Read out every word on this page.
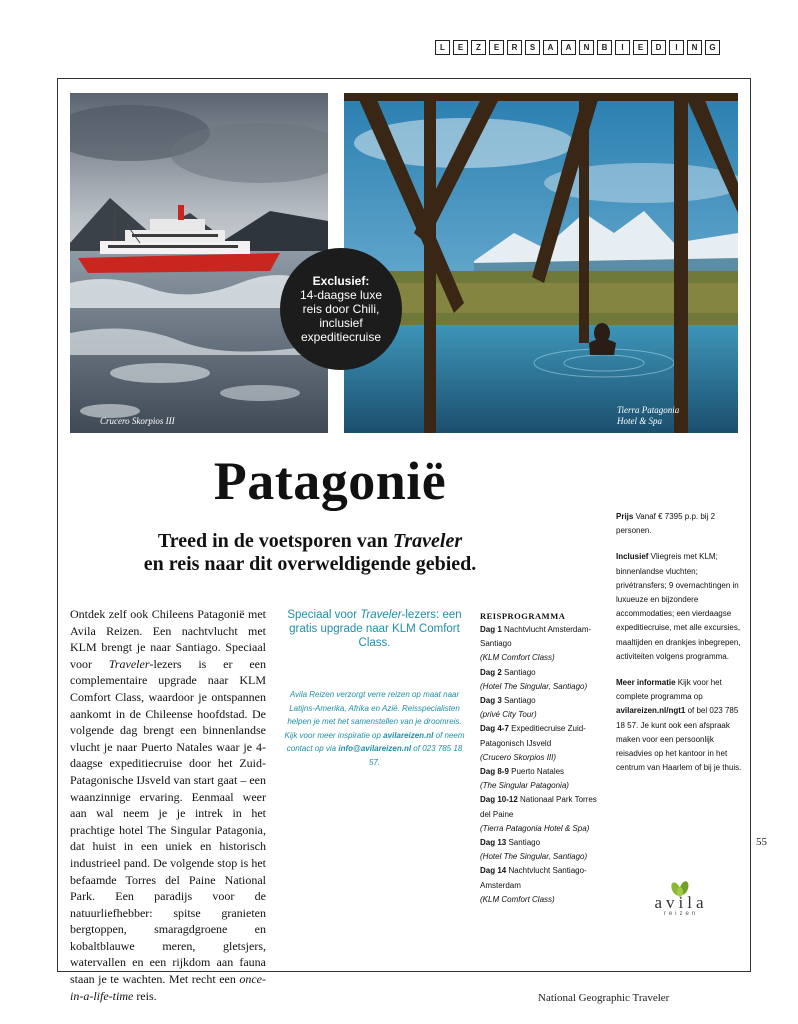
L	E	Z	E	R	S	A	A	N	B	I	E	D	I	N	G
Crucero Skorpios III
Tierra Patagonia
Hotel & Spa
Exclusief:
14-daagse luxe reis door Chili, inclusief expeditiecruise
Patagonië
Treed in de voetsporen van Traveler
en reis naar dit overweldigende gebied.
Ontdek zelf ook Chileens Patagonië met Avila Reizen. Een nachtvlucht met KLM brengt je naar Santiago. Speciaal voor Traveler-lezers is er een complementaire upgrade naar KLM Comfort Class, waardoor je ontspannen aankomt in de Chileense hoofdstad. De volgende dag brengt een binnenlandse vlucht je naar Puerto Natales waar je 4-daagse expeditiecruise door het Zuid-Patagonische IJsveld van start gaat – een waanzinnige ervaring. Eenmaal weer aan wal neem je je intrek in het prachtige hotel The Singular Patagonia, dat huist in een uniek en historisch industrieel pand. De volgende stop is het befaamde Torres del Paine National Park. Een paradijs voor de natuurliefhebber: spitse granieten bergtoppen, smaragdgroene en kobaltblauwe meren, gletsjers, watervallen en een rijkdom aan fauna staan je te wachten. Met recht een once-in-a-life-time reis.
Speciaal voor Traveler-lezers: een gratis upgrade naar KLM Comfort Class.
Avila Reizen verzorgt verre reizen op maat naar Latijns-Amerika, Afrika en Azië. Reisspecialisten helpen je met het samenstellen van je droomreis.
Kijk voor meer inspiratie op avilareizen.nl of neem contact op via info@avilareizen.nl of 023 785 18 57.
REISPROGRAMMA
Dag 1 Nachtvlucht Amsterdam-Santiago
(KLM Comfort Class)
Dag 2 Santiago
(Hotel The Singular, Santiago)
Dag 3 Santiago
(privé City Tour)
Dag 4-7 Expeditiecruise Zuid-Patagonisch IJsveld
(Crucero Skorpios III)
Dag 8-9 Puerto Natales
(The Singular Patagonia)
Dag 10-12 Nationaal Park Torres del Paine
(Tierra Patagonia Hotel & Spa)
Dag 13 Santiago
(Hotel The Singular, Santiago)
Dag 14 Nachtvlucht Santiago-Amsterdam
(KLM Comfort Class)

Prijs Vanaf € 7395 p.p. bij 2 personen.

Inclusief Vliegreis met KLM; binnenlandse vluchten; privétransfers; 9 overnachtingen in luxueuze en bijzondere accommodaties; een vierdaagse expeditiecruise, met alle excursies, maaltijden en drankjes inbegrepen, activiteiten volgens programma.

Meer informatie Kijk voor het complete programma op avilareizen.nl/ngt1 of bel 023 785 18 57. Je kunt ook een afspraak maken voor een persoonlijk reisadvies op het kantoor in het centrum van Haarlem of bij je thuis.

avila
reizen
55
National Geographic Traveler
